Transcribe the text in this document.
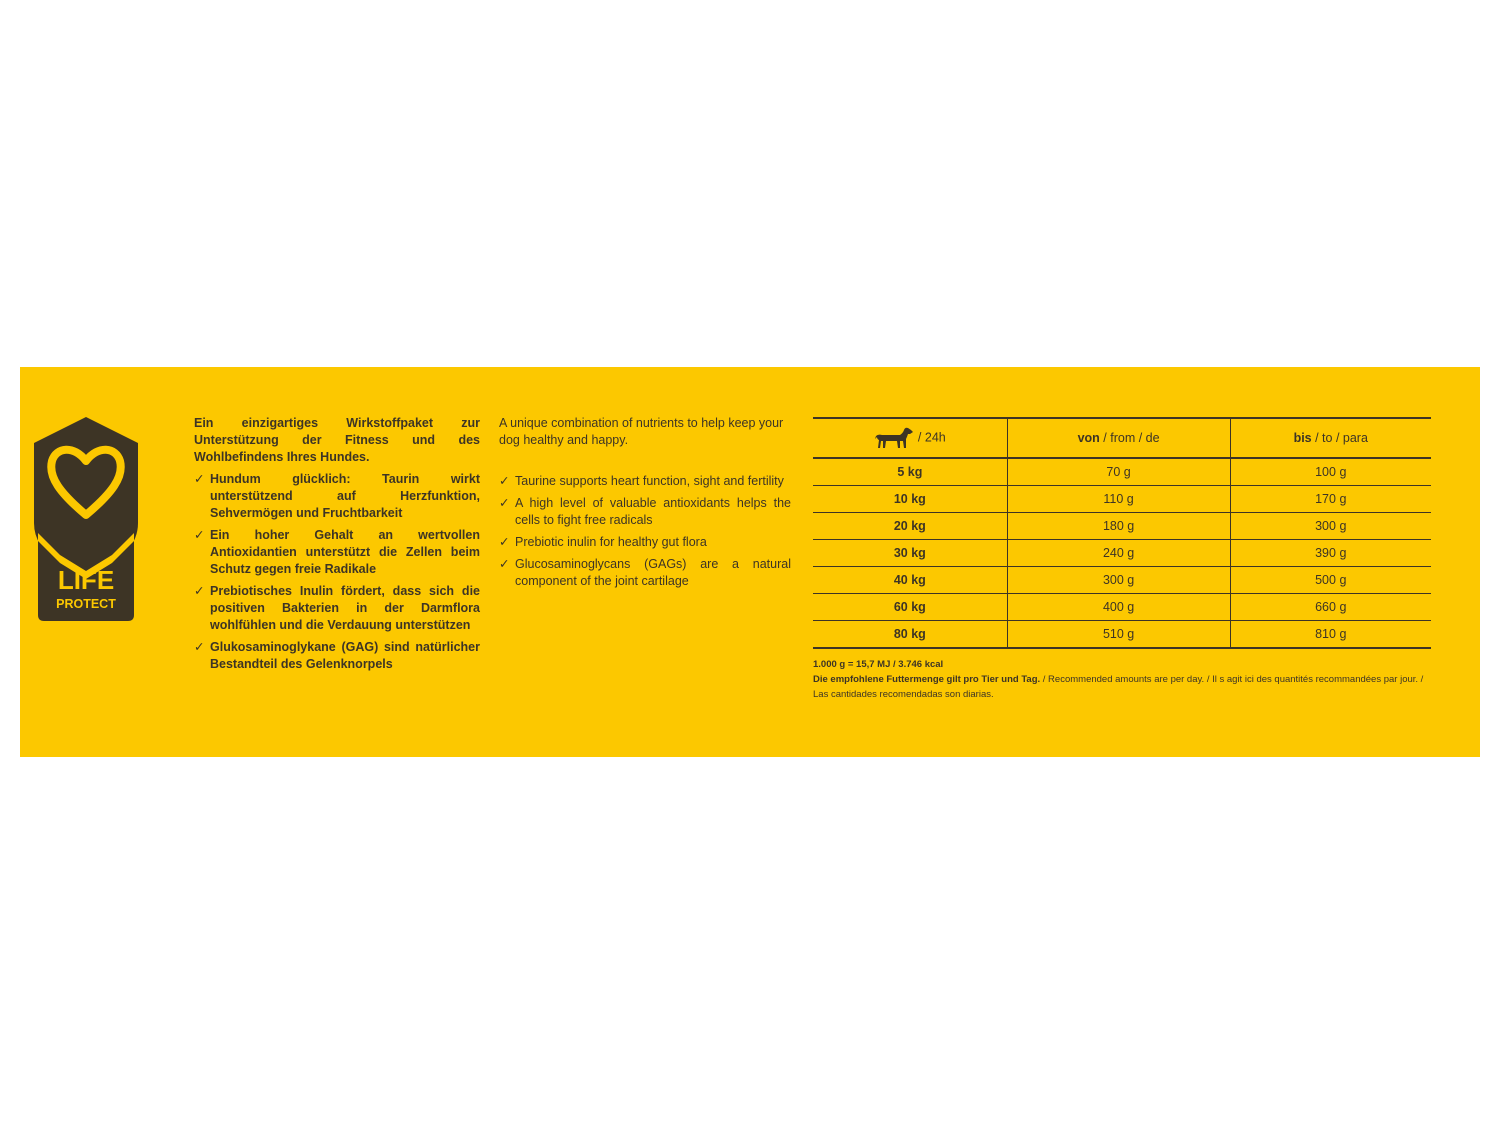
LIFE
PROTECT

Ein einzigartiges Wirkstoffpaket zur Unterstützung der Fitness und des Wohlbefindens Ihres Hundes.

✓ Hundum glücklich: Taurin wirkt unterstützend auf Herzfunktion, Sehvermögen und Fruchtbarkeit
✓ Ein hoher Gehalt an wertvollen Antioxidantien unterstützt die Zellen beim Schutz gegen freie Radikale
✓ Prebiotisches Inulin fördert, dass sich die positiven Bakterien in der Darmflora wohlfühlen und die Verdauung unterstützen
✓ Glukosaminoglykane (GAG) sind natürlicher Bestandteil des Gelenknorpels

A unique combination of nutrients to help keep your dog healthy and happy.

✓ Taurine supports heart function, sight and fertility
✓ A high level of valuable antioxidants helps the cells to fight free radicals
✓ Prebiotic inulin for healthy gut flora
✓ Glucosaminoglycans (GAGs) are a natural component of the joint cartilage
/ 24h	von / from / de	bis / to / para
5 kg	70 g	100 g
10 kg	110 g	170 g
20 kg	180 g	300 g
30 kg	240 g	390 g
40 kg	300 g	500 g
60 kg	400 g	660 g
80 kg	510 g	810 g
1.000 g = 15,7 MJ / 3.746 kcal
Die empfohlene Futtermenge gilt pro Tier und Tag. / Recommended amounts are per day. / Il s agit ici des quantités recommandées par jour. / Las cantidades recomendadas son diarias.
